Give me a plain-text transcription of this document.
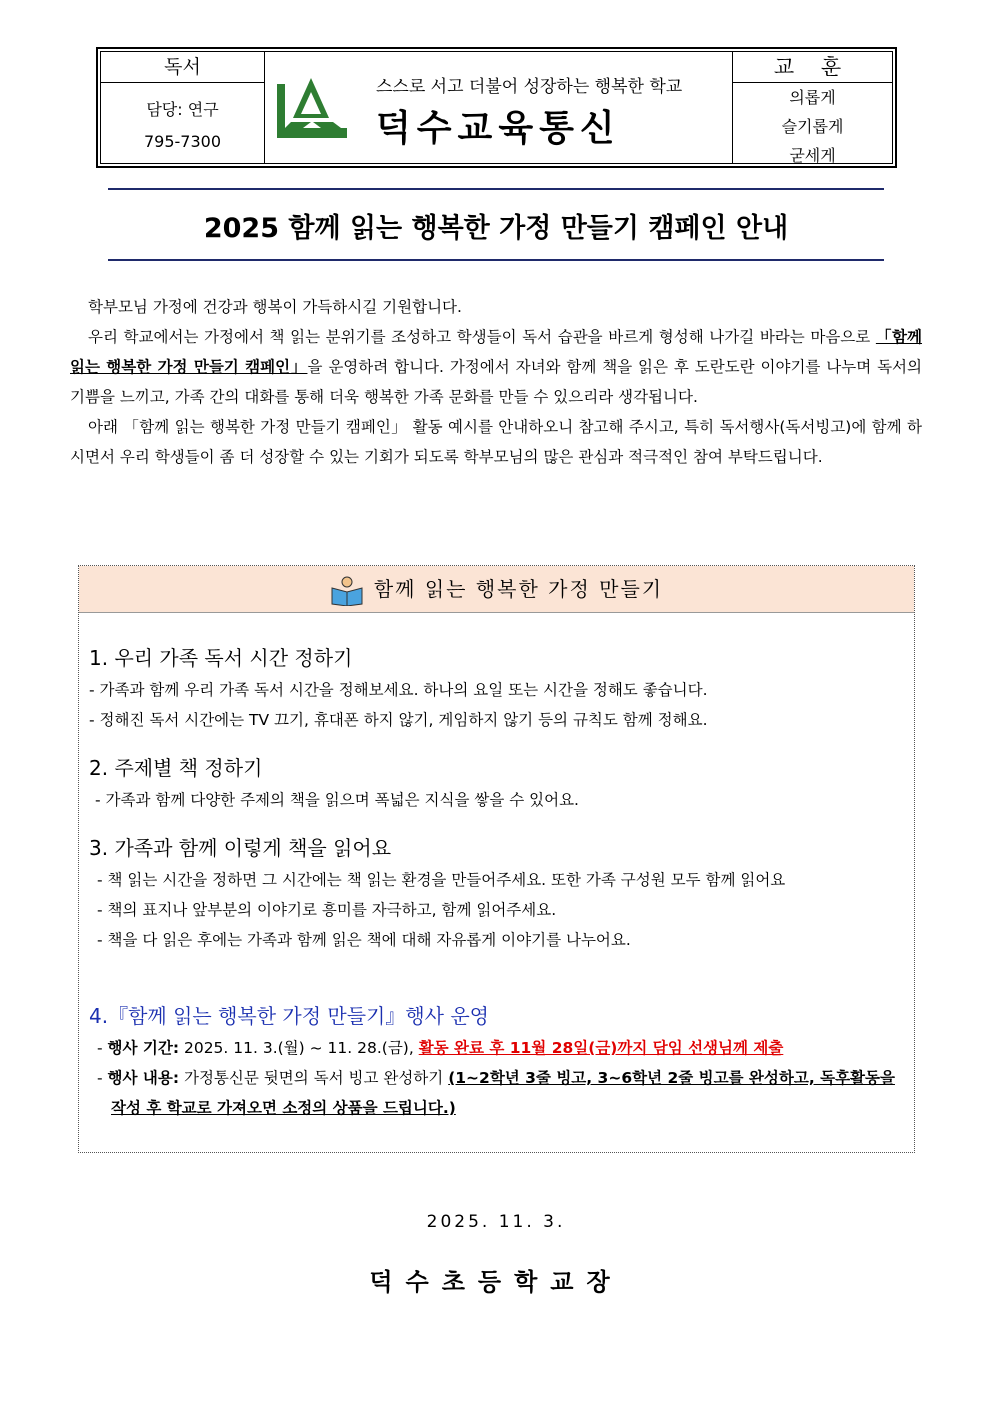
독서
담당: 연구
795-7300
스스로 서고 더불어 성장하는 행복한 학교
덕수교육통신
교 훈
의롭게
슬기롭게
굳세게
2025 함께 읽는 행복한 가정 만들기 캠페인 안내

학부모님 가정에 건강과 행복이 가득하시길 기원합니다.

우리 학교에서는 가정에서 책 읽는 분위기를 조성하고 학생들이 독서 습관을 바르게 형성해 나가길 바라는 마음으로 「함께 읽는 행복한 가정 만들기 캠페인」을 운영하려 합니다. 가정에서 자녀와 함께 책을 읽은 후 도란도란 이야기를 나누며 독서의 기쁨을 느끼고, 가족 간의 대화를 통해 더욱 행복한 가족 문화를 만들 수 있으리라 생각됩니다.

아래 「함께 읽는 행복한 가정 만들기 캠페인」 활동 예시를 안내하오니 참고해 주시고, 특히 독서행사(독서빙고)에 함께 하시면서 우리 학생들이 좀 더 성장할 수 있는 기회가 되도록 학부모님의 많은 관심과 적극적인 참여 부탁드립니다.

함께 읽는 행복한 가정 만들기
1. 우리 가족 독서 시간 정하기
- 가족과 함께 우리 가족 독서 시간을 정해보세요. 하나의 요일 또는 시간을 정해도 좋습니다.
- 정해진 독서 시간에는 TV 끄기, 휴대폰 하지 않기, 게임하지 않기 등의 규칙도 함께 정해요.
2. 주제별 책 정하기
- 가족과 함께 다양한 주제의 책을 읽으며 폭넓은 지식을 쌓을 수 있어요.
3. 가족과 함께 이렇게 책을 읽어요
- 책 읽는 시간을 정하면 그 시간에는 책 읽는 환경을 만들어주세요. 또한 가족 구성원 모두 함께 읽어요
- 책의 표지나 앞부분의 이야기로 흥미를 자극하고, 함께 읽어주세요.
- 책을 다 읽은 후에는 가족과 함께 읽은 책에 대해 자유롭게 이야기를 나누어요.
4.『함께 읽는 행복한 가정 만들기』행사 운영
- 행사 기간: 2025. 11. 3.(월) ~ 11. 28.(금), 활동 완료 후 11월 28일(금)까지 담임 선생님께 제출
- 행사 내용: 가정통신문 뒷면의 독서 빙고 완성하기 (1~2학년 3줄 빙고, 3~6학년 2줄 빙고를 완성하고, 독후활동을 작성 후 학교로 가져오면 소정의 상품을 드립니다.)
2025. 11. 3.
덕수초등학교장
